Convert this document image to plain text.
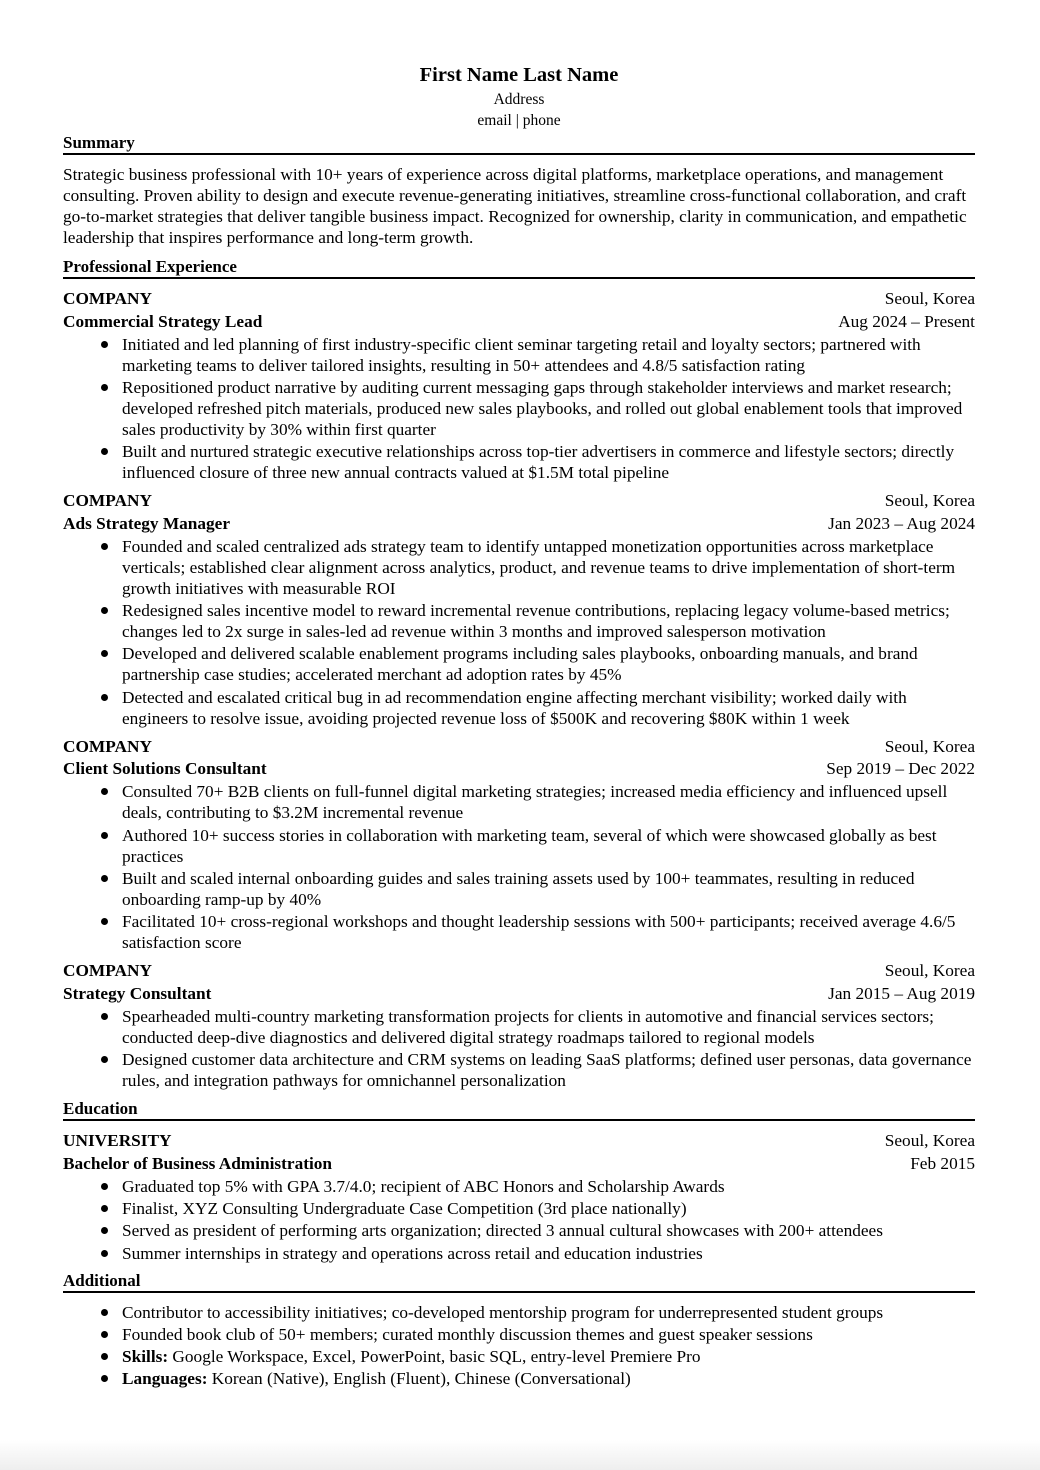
First Name Last Name
Address
email | phone
Summary
Strategic business professional with 10+ years of experience across digital platforms, marketplace operations, and management consulting. Proven ability to design and execute revenue-generating initiatives, streamline cross-functional collaboration, and craft go-to-market strategies that deliver tangible business impact. Recognized for ownership, clarity in communication, and empathetic leadership that inspires performance and long-term growth.
Professional Experience
COMPANY	Seoul, Korea
Commercial Strategy Lead	Aug 2024 – Present
Initiated and led planning of first industry-specific client seminar targeting retail and loyalty sectors; partnered with marketing teams to deliver tailored insights, resulting in 50+ attendees and 4.8/5 satisfaction rating
Repositioned product narrative by auditing current messaging gaps through stakeholder interviews and market research; developed refreshed pitch materials, produced new sales playbooks, and rolled out global enablement tools that improved sales productivity by 30% within first quarter
Built and nurtured strategic executive relationships across top-tier advertisers in commerce and lifestyle sectors; directly influenced closure of three new annual contracts valued at $1.5M total pipeline
COMPANY	Seoul, Korea
Ads Strategy Manager	Jan 2023 – Aug 2024
Founded and scaled centralized ads strategy team to identify untapped monetization opportunities across marketplace verticals; established clear alignment across analytics, product, and revenue teams to drive implementation of short-term growth initiatives with measurable ROI
Redesigned sales incentive model to reward incremental revenue contributions, replacing legacy volume-based metrics; changes led to 2x surge in sales-led ad revenue within 3 months and improved salesperson motivation
Developed and delivered scalable enablement programs including sales playbooks, onboarding manuals, and brand partnership case studies; accelerated merchant ad adoption rates by 45%
Detected and escalated critical bug in ad recommendation engine affecting merchant visibility; worked daily with engineers to resolve issue, avoiding projected revenue loss of $500K and recovering $80K within 1 week
COMPANY	Seoul, Korea
Client Solutions Consultant	Sep 2019 – Dec 2022
Consulted 70+ B2B clients on full-funnel digital marketing strategies; increased media efficiency and influenced upsell deals, contributing to $3.2M incremental revenue
Authored 10+ success stories in collaboration with marketing team, several of which were showcased globally as best practices
Built and scaled internal onboarding guides and sales training assets used by 100+ teammates, resulting in reduced onboarding ramp-up by 40%
Facilitated 10+ cross-regional workshops and thought leadership sessions with 500+ participants; received average 4.6/5 satisfaction score
COMPANY	Seoul, Korea
Strategy Consultant	Jan 2015 – Aug 2019
Spearheaded multi-country marketing transformation projects for clients in automotive and financial services sectors; conducted deep-dive diagnostics and delivered digital strategy roadmaps tailored to regional models
Designed customer data architecture and CRM systems on leading SaaS platforms; defined user personas, data governance rules, and integration pathways for omnichannel personalization
Education
UNIVERSITY	Seoul, Korea
Bachelor of Business Administration	Feb 2015
Graduated top 5% with GPA 3.7/4.0; recipient of ABC Honors and Scholarship Awards
Finalist, XYZ Consulting Undergraduate Case Competition (3rd place nationally)
Served as president of performing arts organization; directed 3 annual cultural showcases with 200+ attendees
Summer internships in strategy and operations across retail and education industries
Additional
Contributor to accessibility initiatives; co-developed mentorship program for underrepresented student groups
Founded book club of 50+ members; curated monthly discussion themes and guest speaker sessions
Skills: Google Workspace, Excel, PowerPoint, basic SQL, entry-level Premiere Pro
Languages: Korean (Native), English (Fluent), Chinese (Conversational)
